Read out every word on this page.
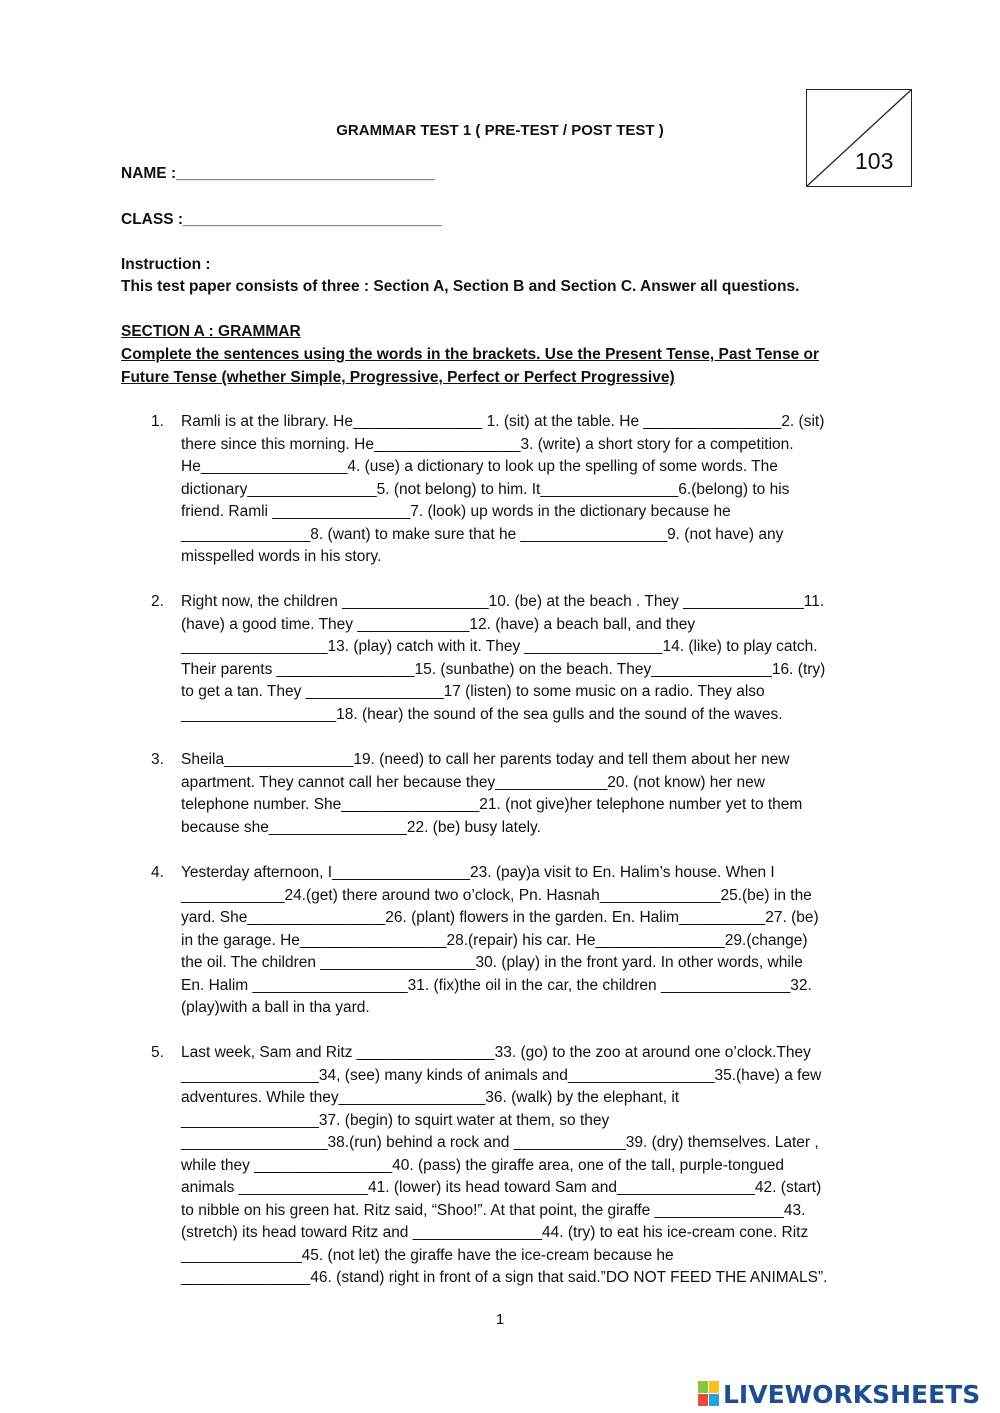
GRAMMAR TEST 1 ( PRE-TEST / POST TEST )
103
NAME :______________________________
CLASS :______________________________
Instruction :
This test paper consists of three : Section A, Section B and Section C. Answer all questions.
SECTION A : GRAMMAR
Complete the sentences using the words in the brackets. Use the Present Tense, Past Tense or
Future Tense (whether Simple, Progressive, Perfect or Perfect Progressive)
1. Ramli is at the library. He_______________ 1. (sit) at the table. He ________________2. (sit)
there since this morning. He_________________3. (write) a short story for a competition.
He_________________4. (use) a dictionary to look up the spelling of some words. The
dictionary_______________5. (not belong) to him. It________________6.(belong) to his
friend. Ramli ________________7. (look) up words in the dictionary because he
_______________8. (want) to make sure that he _________________9. (not have) any
misspelled words in his story.
2. Right now, the children _________________10. (be) at the beach . They ______________11.
(have) a good time. They _____________12. (have) a beach ball, and they
_________________13. (play) catch with it. They ________________14. (like) to play catch.
Their parents ________________15. (sunbathe) on the beach. They______________16. (try)
to get a tan. They ________________17 (listen) to some music on a radio. They also
__________________18. (hear) the sound of the sea gulls and the sound of the waves.
3. Sheila_______________19. (need) to call her parents today and tell them about her new
apartment. They cannot call her because they_____________20. (not know) her new
telephone number. She________________21. (not give)her telephone number yet to them
because she________________22. (be) busy lately.
4. Yesterday afternoon, I________________23. (pay)a visit to En. Halim’s house. When I
____________24.(get) there around two o’clock, Pn. Hasnah______________25.(be) in the
yard. She________________26. (plant) flowers in the garden. En. Halim__________27. (be)
in the garage. He_________________28.(repair) his car. He_______________29.(change)
the oil. The children __________________30. (play) in the front yard. In other words, while
En. Halim __________________31. (fix)the oil in the car, the children _______________32.
(play)with a ball in tha yard.
5. Last week, Sam and Ritz ________________33. (go) to the zoo at around one o’clock.They
________________34, (see) many kinds of animals and_________________35.(have) a few
adventures. While they_________________36. (walk) by the elephant, it
________________37. (begin) to squirt water at them, so they
_________________38.(run) behind a rock and _____________39. (dry) themselves. Later ,
while they ________________40. (pass) the giraffe area, one of the tall, purple-tongued
animals _______________41. (lower) its head toward Sam and________________42. (start)
to nibble on his green hat. Ritz said, “Shoo!”. At that point, the giraffe _______________43.
(stretch) its head toward Ritz and _______________44. (try) to eat his ice-cream cone. Ritz
______________45. (not let) the giraffe have the ice-cream because he
_______________46. (stand) right in front of a sign that said.”DO NOT FEED THE ANIMALS”.
1
LIVEWORKSHEETS
